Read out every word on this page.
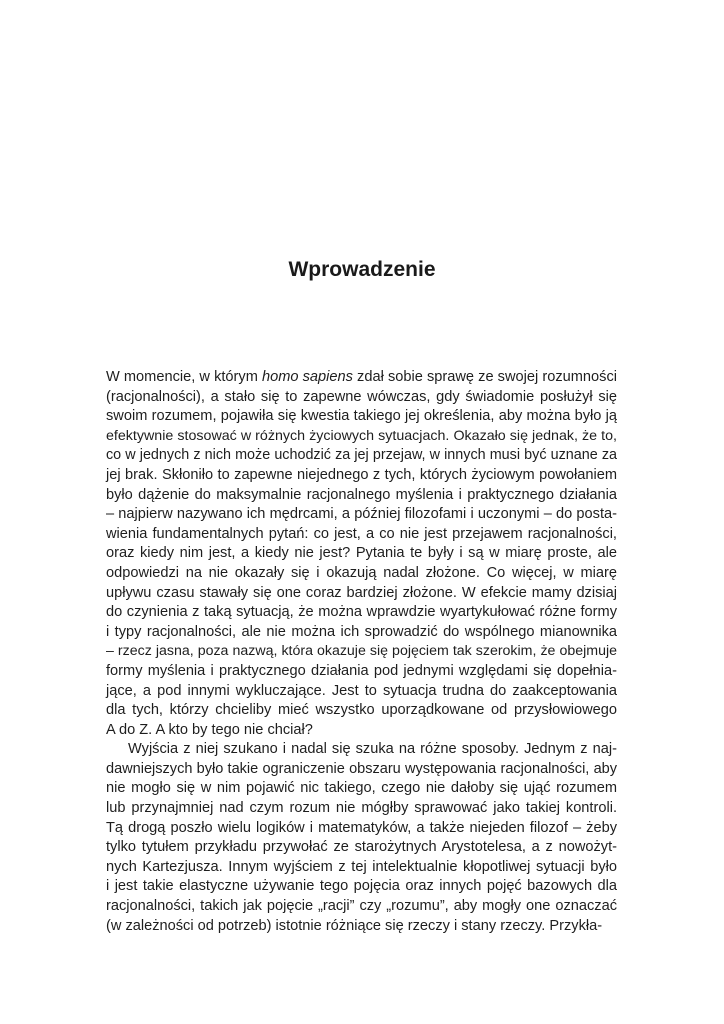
Wprowadzenie
W momencie, w którym homo sapiens zdał sobie sprawę ze swojej rozumności
(racjonalności), a stało się to zapewne wówczas, gdy świadomie posłużył się
swoim rozumem, pojawiła się kwestia takiego jej określenia, aby można było ją
efektywnie stosować w różnych życiowych sytuacjach. Okazało się jednak, że to,
co w jednych z nich może uchodzić za jej przejaw, w innych musi być uznane za
jej brak. Skłoniło to zapewne niejednego z tych, których życiowym powołaniem
było dążenie do maksymalnie racjonalnego myślenia i praktycznego działania
– najpierw nazywano ich mędrcami, a później filozofami i uczonymi – do posta-
wienia fundamentalnych pytań: co jest, a co nie jest przejawem racjonalności,
oraz kiedy nim jest, a kiedy nie jest? Pytania te były i są w miarę proste, ale
odpowiedzi na nie okazały się i okazują nadal złożone. Co więcej, w miarę
upływu czasu stawały się one coraz bardziej złożone. W efekcie mamy dzisiaj
do czynienia z taką sytuacją, że można wprawdzie wyartykułować różne formy
i typy racjonalności, ale nie można ich sprowadzić do wspólnego mianownika
– rzecz jasna, poza nazwą, która okazuje się pojęciem tak szerokim, że obejmuje
formy myślenia i praktycznego działania pod jednymi względami się dopełnia-
jące, a pod innymi wykluczające. Jest to sytuacja trudna do zaakceptowania
dla tych, którzy chcieliby mieć wszystko uporządkowane od przysłowiowego
A do Z. A kto by tego nie chciał?
Wyjścia z niej szukano i nadal się szuka na różne sposoby. Jednym z naj-
dawniejszych było takie ograniczenie obszaru występowania racjonalności, aby
nie mogło się w nim pojawić nic takiego, czego nie dałoby się ująć rozumem
lub przynajmniej nad czym rozum nie mógłby sprawować jako takiej kontroli.
Tą drogą poszło wielu logików i matematyków, a także niejeden filozof – żeby
tylko tytułem przykładu przywołać ze starożytnych Arystotelesa, a z nowożyt-
nych Kartezjusza. Innym wyjściem z tej intelektualnie kłopotliwej sytuacji było
i jest takie elastyczne używanie tego pojęcia oraz innych pojęć bazowych dla
racjonalności, takich jak pojęcie „racji” czy „rozumu”, aby mogły one oznaczać
(w zależności od potrzeb) istotnie różniące się rzeczy i stany rzeczy. Przykła-
